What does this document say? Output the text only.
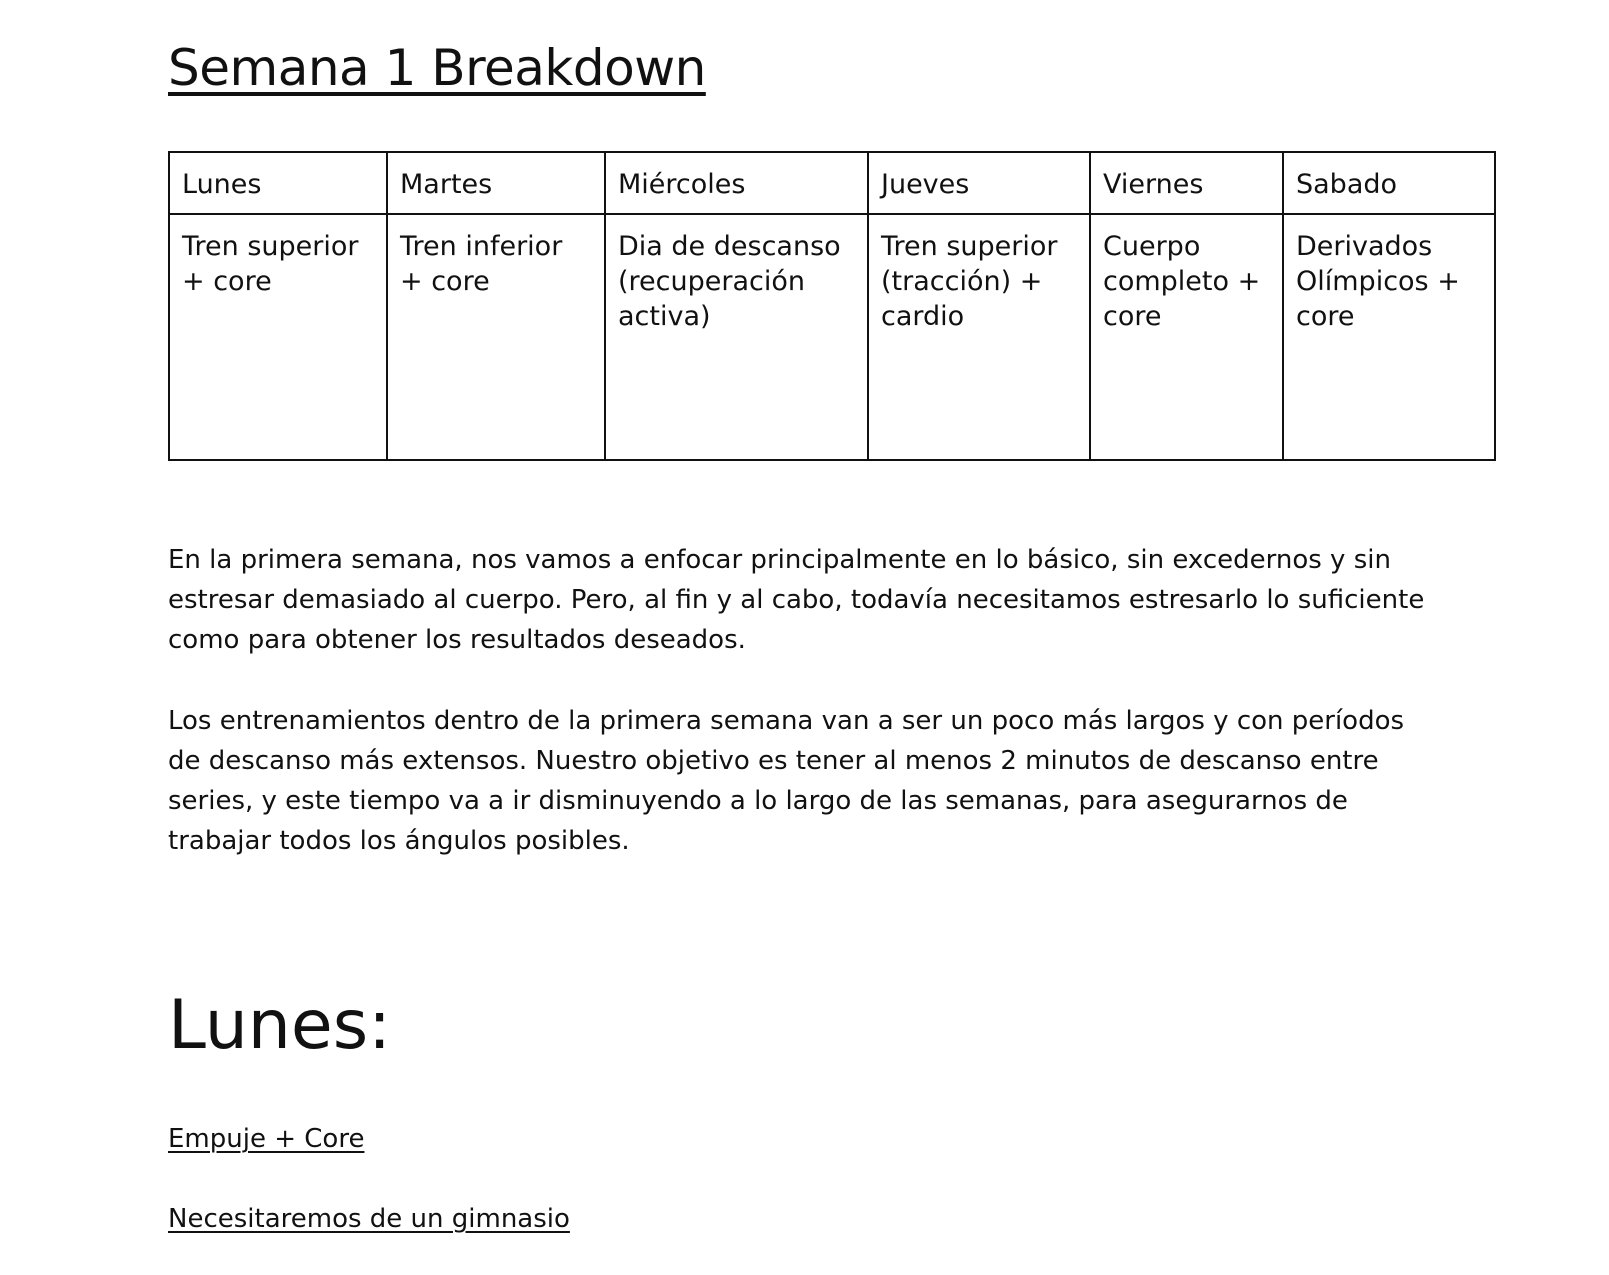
Semana 1 Breakdown
Lunes	Martes	Miércoles	Jueves	Viernes	Sabado
Tren superior + core	Tren inferior + core	Dia de descanso (recuperación activa)	Tren superior (tracción) + cardio	Cuerpo completo + core	Derivados Olímpicos + core

En la primera semana, nos vamos a enfocar principalmente en lo básico, sin excedernos y sin estresar demasiado al cuerpo. Pero, al fin y al cabo, todavía necesitamos estresarlo lo suficiente como para obtener los resultados deseados.

Los entrenamientos dentro de la primera semana van a ser un poco más largos y con períodos de descanso más extensos. Nuestro objetivo es tener al menos 2 minutos de descanso entre series, y este tiempo va a ir disminuyendo a lo largo de las semanas, para asegurarnos de trabajar todos los ángulos posibles.

Lunes:

Empuje + Core

Necesitaremos de un gimnasio
